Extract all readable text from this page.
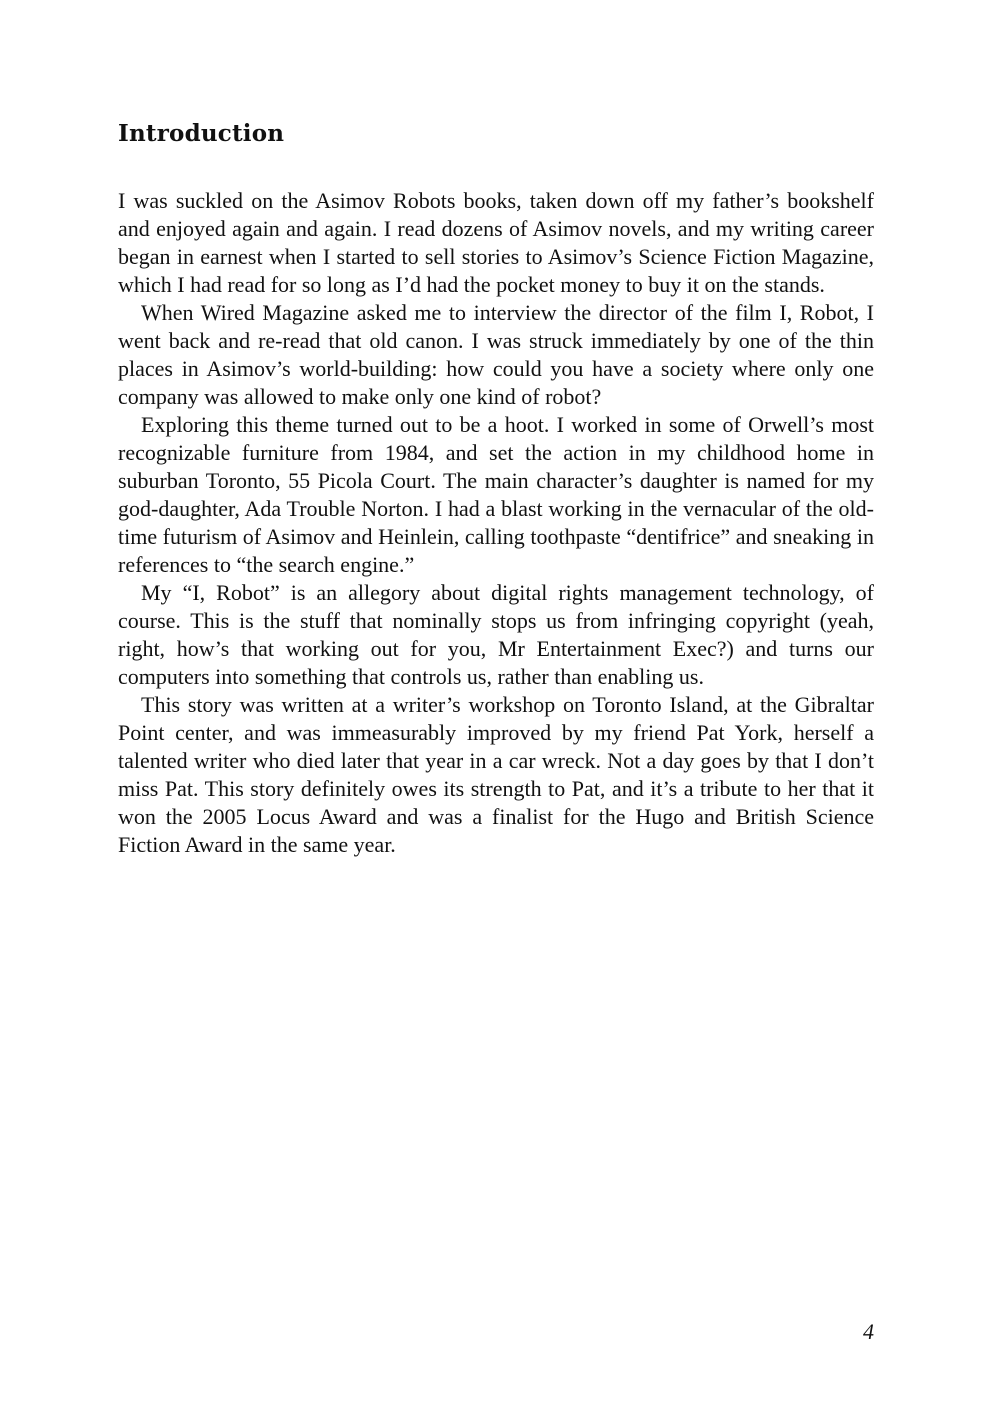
Introduction

I was suckled on the Asimov Robots books, taken down off my father’s bookshelf and enjoyed again and again. I read dozens of Asimov novels, and my writing career began in earnest when I started to sell stories to Asimov’s Science Fiction Magazine, which I had read for so long as I’d had the pocket money to buy it on the stands.

When Wired Magazine asked me to interview the director of the film I, Robot, I went back and re-read that old canon. I was struck immediately by one of the thin places in Asimov’s world-building: how could you have a society where only one company was allowed to make only one kind of robot?

Exploring this theme turned out to be a hoot. I worked in some of Orwell’s most recognizable furniture from 1984, and set the action in my childhood home in suburban Toronto, 55 Picola Court. The main character’s daughter is named for my god-daughter, Ada Trouble Norton. I had a blast working in the vernacular of the old-time futurism of Asimov and Heinlein, calling toothpaste “dentifrice” and sneaking in references to “the search engine.”

My “I, Robot” is an allegory about digital rights management technology, of course. This is the stuff that nominally stops us from infringing copyright (yeah, right, how’s that working out for you, Mr Entertainment Exec?) and turns our computers into something that controls us, rather than enabling us.

This story was written at a writer’s workshop on Toronto Island, at the Gibraltar Point center, and was immeasurably improved by my friend Pat York, herself a talented writer who died later that year in a car wreck. Not a day goes by that I don’t miss Pat. This story definitely owes its strength to Pat, and it’s a tribute to her that it won the 2005 Locus Award and was a finalist for the Hugo and British Science Fiction Award in the same year.

4
